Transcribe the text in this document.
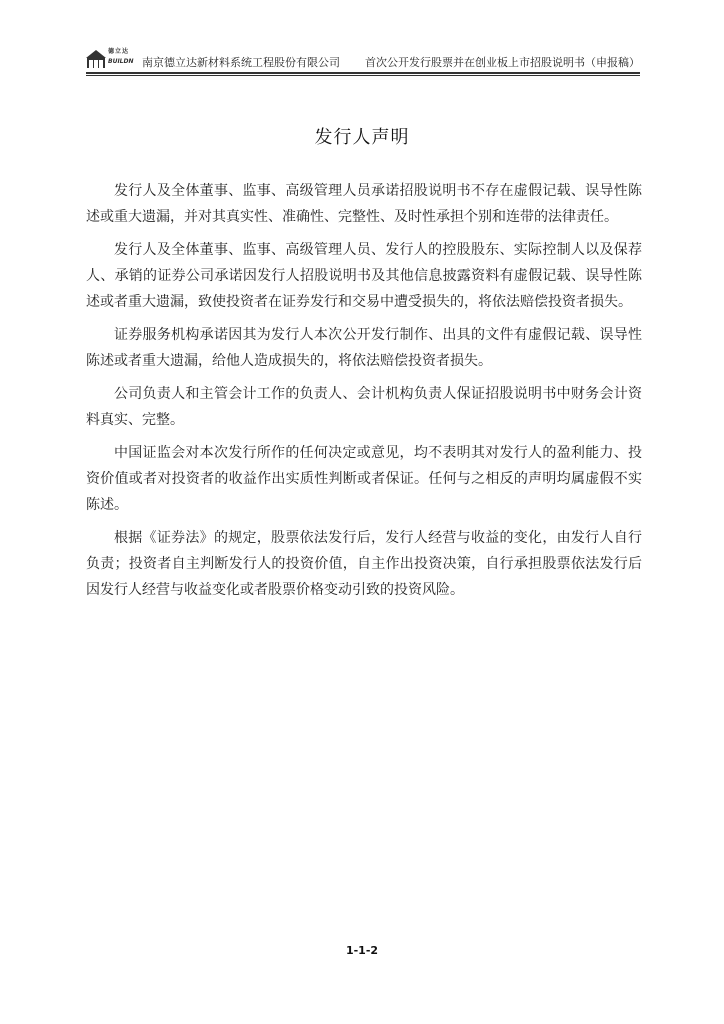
德立达
BUILDN 南京德立达新材料系统工程股份有限公司 首次公开发行股票并在创业板上市招股说明书（申报稿）
发行人声明

发行人及全体董事、监事、高级管理人员承诺招股说明书不存在虚假记载、误导性陈述或重大遗漏，并对其真实性、准确性、完整性、及时性承担个别和连带的法律责任。

发行人及全体董事、监事、高级管理人员、发行人的控股股东、实际控制人以及保荐人、承销的证券公司承诺因发行人招股说明书及其他信息披露资料有虚假记载、误导性陈述或者重大遗漏，致使投资者在证券发行和交易中遭受损失的，将依法赔偿投资者损失。

证券服务机构承诺因其为发行人本次公开发行制作、出具的文件有虚假记载、误导性陈述或者重大遗漏，给他人造成损失的，将依法赔偿投资者损失。

公司负责人和主管会计工作的负责人、会计机构负责人保证招股说明书中财务会计资料真实、完整。

中国证监会对本次发行所作的任何决定或意见，均不表明其对发行人的盈利能力、投资价值或者对投资者的收益作出实质性判断或者保证。任何与之相反的声明均属虚假不实陈述。

根据《证券法》的规定，股票依法发行后，发行人经营与收益的变化，由发行人自行负责；投资者自主判断发行人的投资价值，自主作出投资决策，自行承担股票依法发行后因发行人经营与收益变化或者股票价格变动引致的投资风险。

1-1-2
